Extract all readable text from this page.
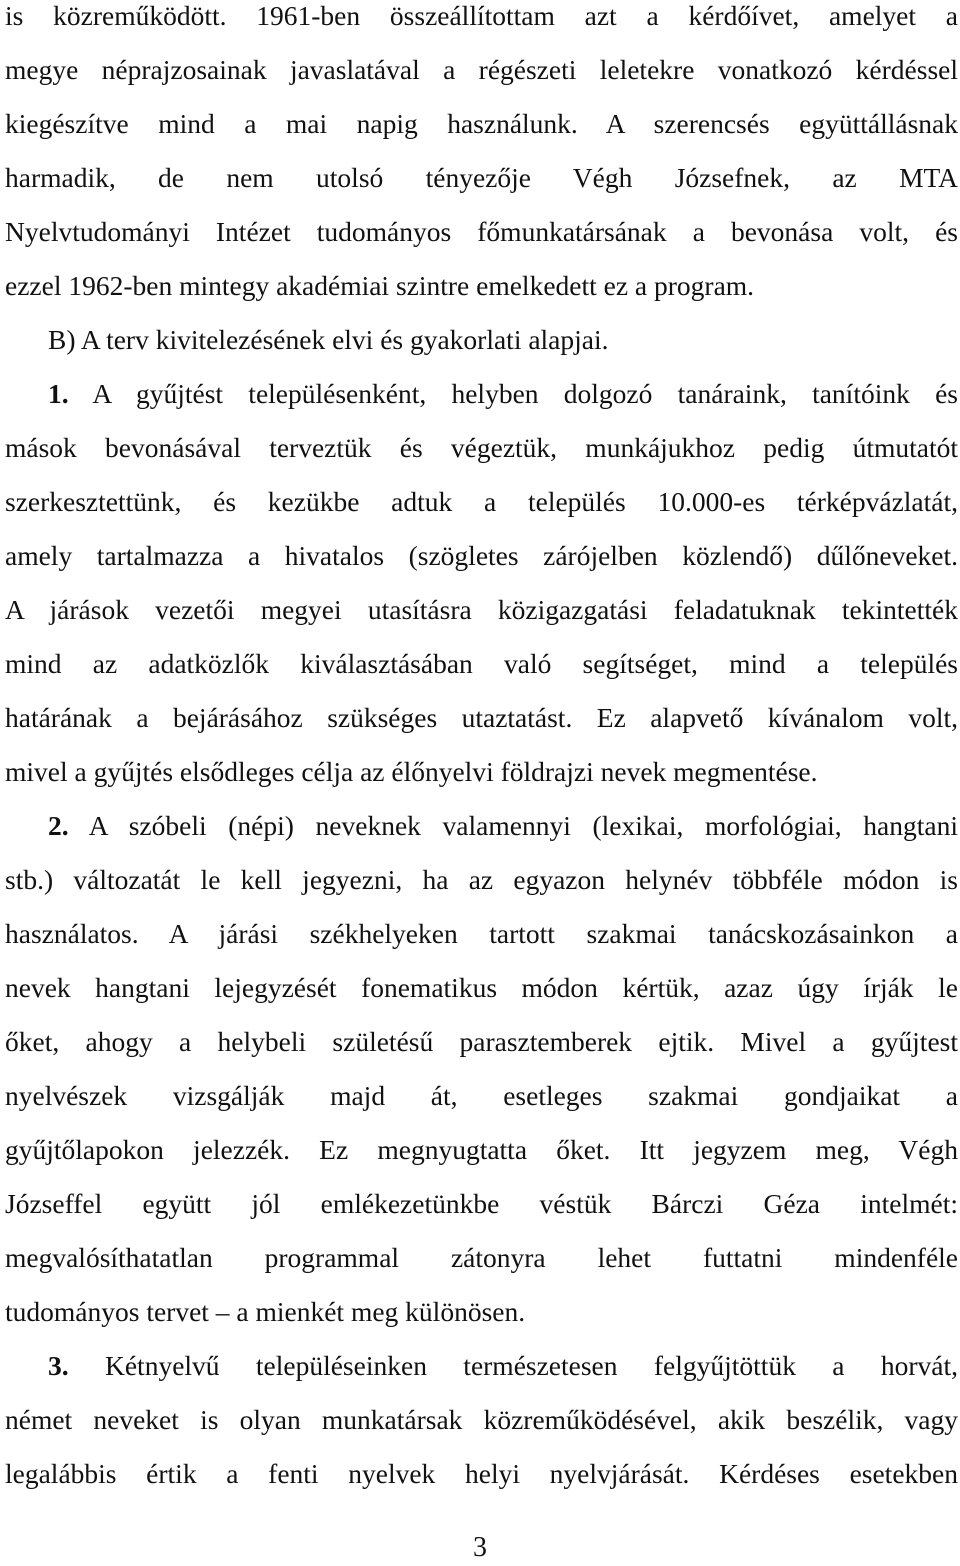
is közreműködött. 1961-ben összeállítottam azt a kérdőívet, amelyet a
megye néprajzosainak javaslatával a régészeti leletekre vonatkozó kérdéssel
kiegészítve mind a mai napig használunk. A szerencsés együttállásnak
harmadik, de nem utolsó tényezője Végh Józsefnek, az MTA
Nyelvtudományi Intézet tudományos főmunkatársának a bevonása volt, és
ezzel 1962-ben mintegy akadémiai szintre emelkedett ez a program.
B) A terv kivitelezésének elvi és gyakorlati alapjai.
1. A gyűjtést településenként, helyben dolgozó tanáraink, tanítóink és
mások bevonásával terveztük és végeztük, munkájukhoz pedig útmutatót
szerkesztettünk, és kezükbe adtuk a település 10.000-es térképvázlatát,
amely tartalmazza a hivatalos (szögletes zárójelben közlendő) dűlőneveket.
A járások vezetői megyei utasításra közigazgatási feladatuknak tekintették
mind az adatközlők kiválasztásában való segítséget, mind a település
határának a bejárásához szükséges utaztatást. Ez alapvető kívánalom volt,
mivel a gyűjtés elsődleges célja az élőnyelvi földrajzi nevek megmentése.
2. A szóbeli (népi) neveknek valamennyi (lexikai, morfológiai, hangtani
stb.) változatát le kell jegyezni, ha az egyazon helynév többféle módon is
használatos. A járási székhelyeken tartott szakmai tanácskozásainkon a
nevek hangtani lejegyzését fonematikus módon kértük, azaz úgy írják le
őket, ahogy a helybeli születésű parasztemberek ejtik. Mivel a gyűjtest
nyelvészek vizsgálják majd át, esetleges szakmai gondjaikat a
gyűjtőlapokon jelezzék. Ez megnyugtatta őket. Itt jegyzem meg, Végh
Józseffel együtt jól emlékezetünkbe véstük Bárczi Géza intelmét:
megvalósíthatatlan programmal zátonyra lehet futtatni mindenféle
tudományos tervet – a mienkét meg különösen.
3. Kétnyelvű településeinken természetesen felgyűjtöttük a horvát,
német neveket is olyan munkatársak közreműködésével, akik beszélik, vagy
legalábbis értik a fenti nyelvek helyi nyelvjárását. Kérdéses esetekben
3
